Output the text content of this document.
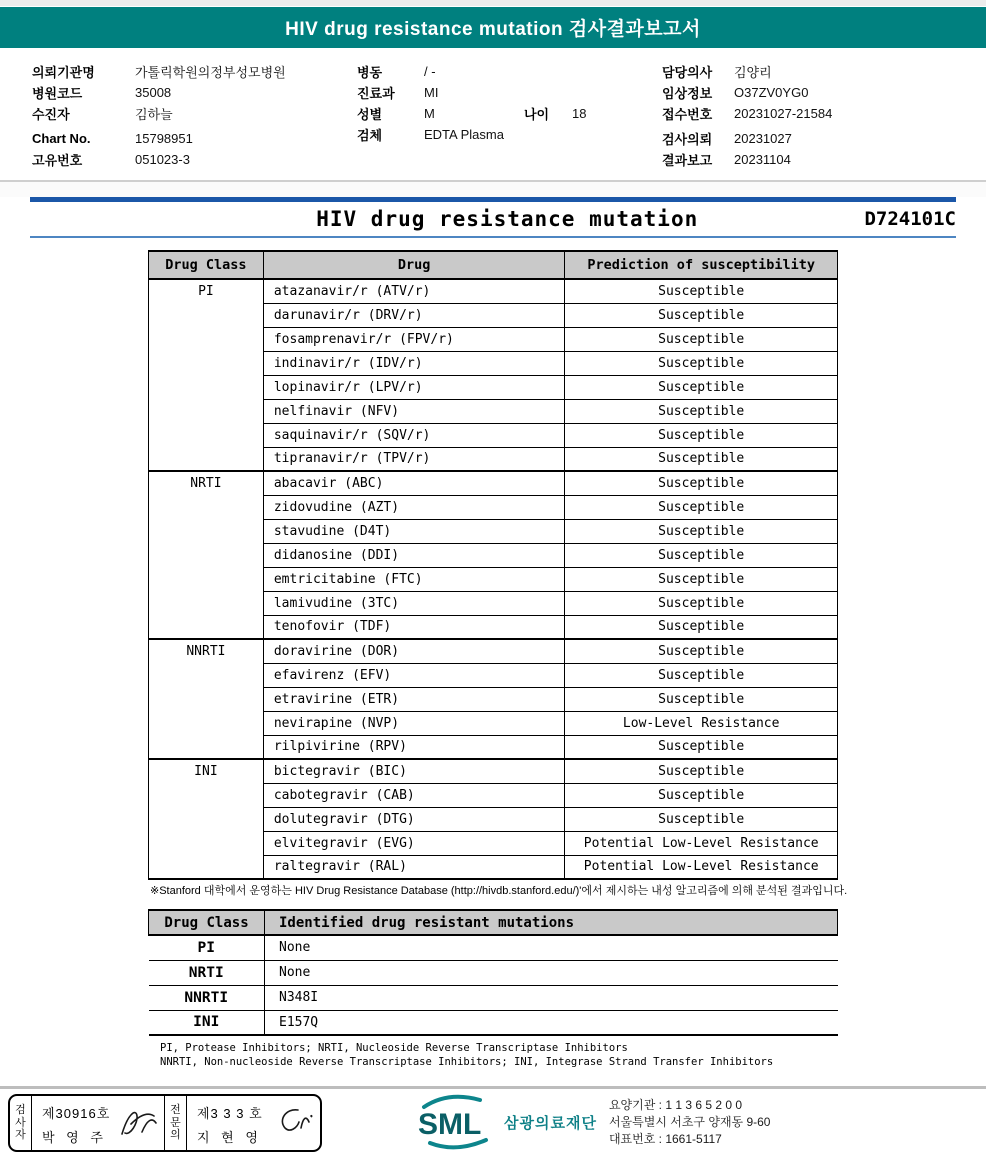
HIV drug resistance mutation 검사결과보고서
의뢰기관명	가톨릭학원의정부성모병원
병원코드	35008
수진자	김하늘
Chart No.	15798951
고유번호	051023-3
병동	/ -
진료과	MI
성별	M	나이	18
검체	EDTA Plasma
담당의사	김양리
임상정보	O37ZV0YG0
접수번호	20231027-21584
검사의뢰	20231027
결과보고	20231104
HIV drug resistance mutation	D724101C
Drug Class	Drug	Prediction of susceptibility
PI	atazanavir/r (ATV/r)	Susceptible
	darunavir/r (DRV/r)	Susceptible
	fosamprenavir/r (FPV/r)	Susceptible
	indinavir/r (IDV/r)	Susceptible
	lopinavir/r (LPV/r)	Susceptible
	nelfinavir (NFV)	Susceptible
	saquinavir/r (SQV/r)	Susceptible
	tipranavir/r (TPV/r)	Susceptible
NRTI	abacavir (ABC)	Susceptible
	zidovudine (AZT)	Susceptible
	stavudine (D4T)	Susceptible
	didanosine (DDI)	Susceptible
	emtricitabine (FTC)	Susceptible
	lamivudine (3TC)	Susceptible
	tenofovir (TDF)	Susceptible
NNRTI	doravirine (DOR)	Susceptible
	efavirenz (EFV)	Susceptible
	etravirine (ETR)	Susceptible
	nevirapine (NVP)	Low-Level Resistance
	rilpivirine (RPV)	Susceptible
INI	bictegravir (BIC)	Susceptible
	cabotegravir (CAB)	Susceptible
	dolutegravir (DTG)	Susceptible
	elvitegravir (EVG)	Potential Low-Level Resistance
	raltegravir (RAL)	Potential Low-Level Resistance
※Stanford 대학에서 운영하는 HIV Drug Resistance Database (http://hivdb.stanford.edu/)'에서 제시하는 내성 알고리즘에 의해 분석된 결과입니다.
Drug Class	Identified drug resistant mutations
PI	None
NRTI	None
NNRTI	N348I
INI	E157Q
PI, Protease Inhibitors; NRTI, Nucleoside Reverse Transcriptase Inhibitors
NNRTI, Non-nucleoside Reverse Transcriptase Inhibitors; INI, Integrase Strand Transfer Inhibitors
검사자
제30916호
박 영 주
전문의
제3 3 3 호
지 현 영	SML 삼광의료재단
요양기관 : 1 1 3 6 5 2 0 0
서울특별시 서초구 양재동 9-60
대표번호 : 1661-5117
